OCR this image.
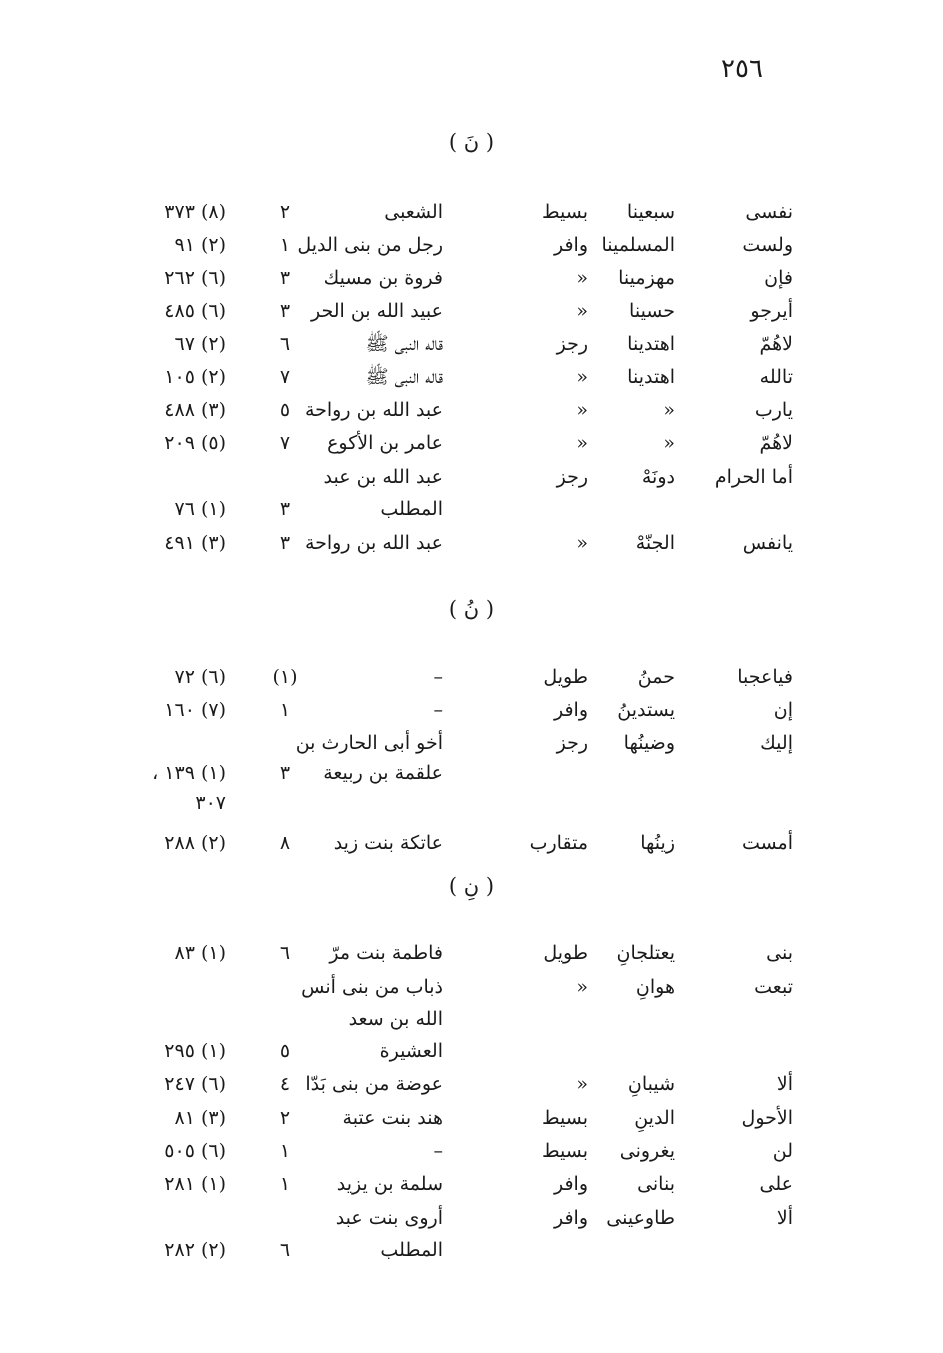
٢٥٦
( نَ )
نفسى
سبعينا
بسيط
الشعبى
٢
(٨) ٣٧٣
ولست
المسلمينا
وافر
رجل من بنى الديل
١
(٢) ٩١
فإن
مهزمينا
«
فروة بن مسيك
٣
(٦) ٢٦٢
أيرجو
حسينا
«
عبيد الله بن الحر
٣
(٦) ٤٨٥
لاهُمّ
اهتدينا
رجز
قاله النبى ﷺ
٦
(٢) ٦٧
تالله
اهتدينا
«
قاله النبى ﷺ
٧
(٢) ١٠٥
يارب
«
«
عبد الله بن رواحة
٥
(٣) ٤٨٨
لاهُمّ
«
«
عامر بن الأكوع
٧
(٥) ٢٠٩
أما الحرام
دونَهْ
رجز
عبد الله بن عبد
المطلب
٣
(١) ٧٦
يانفس
الجنّهْ
«
عبد الله بن رواحة
٣
(٣) ٤٩١
( نُ )
فياعجبا
حمنُ
طويل
–
(١)
(٦) ٧٢
إن
يستدينُ
وافر
–
١
(٧) ١٦٠
إليك
وضينُها
رجز
أخو أبى الحارث بن
علقمة بن ربيعة
٣
(١) ١٣٩ ،
٣٠٧
أمست
زينُها
متقارب
عاتكة بنت زيد
٨
(٢) ٢٨٨
( نِ )
بنى
يعتلجانِ
طويل
فاطمة بنت مرّ
٦
(١) ٨٣
تبعت
هوانِ
«
ذباب من بنى أنس
الله بن سعد
العشيرة
٥
(١) ٢٩٥
ألا
شيبانِ
«
عوضة من بنى بَدّا
٤
(٦) ٢٤٧
الأحول
الدينِ
بسيط
هند بنت عتبة
٢
(٣) ٨١
لن
يغرونى
بسيط
–
١
(٦) ٥٠٥
على
بنانى
وافر
سلمة بن يزيد
١
(١) ٢٨١
ألا
طاوعينى
وافر
أروى بنت عبد
المطلب
٦
(٢) ٢٨٢
